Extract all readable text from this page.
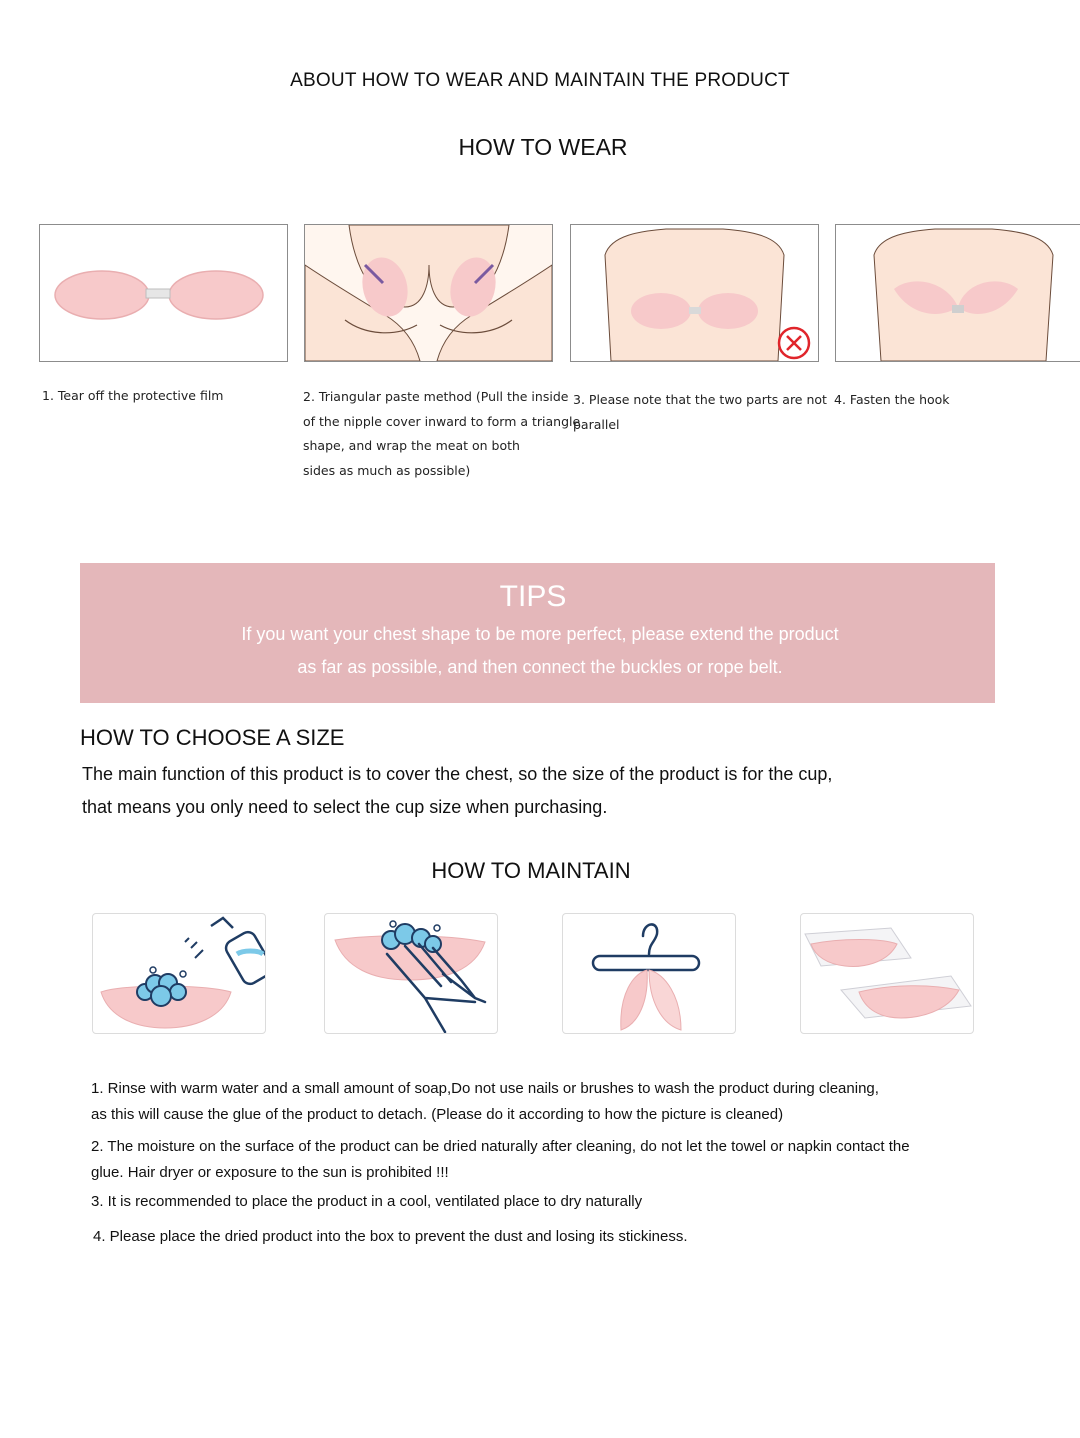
ABOUT HOW TO WEAR AND MAINTAIN THE PRODUCT
HOW TO WEAR
1. Tear off the protective film	2. Triangular paste method (Pull the inside
of the nipple cover inward to form a triangle
shape, and wrap the meat on both
sides as much as possible)
3. Please note that the two parts are not
parallel
4. Fasten the hook
TIPS
If you want your chest shape to be more perfect, please extend the product
as far as possible, and then connect the buckles or rope belt.
HOW TO CHOOSE A SIZE
The main function of this product is to cover the chest, so the size of the product is for the cup,
that means you only need to select the cup size when purchasing.
HOW TO MAINTAIN
1. Rinse with warm water and a small amount of soap,Do not use nails or brushes to wash the product during cleaning,
as this will cause the glue of the product to detach. (Please do it according to how the picture is cleaned)
2. The moisture on the surface of the product can be dried naturally after cleaning, do not let the towel or napkin contact the
glue. Hair dryer or exposure to the sun is prohibited !!!
3. It is recommended to place the product in a cool, ventilated place to dry naturally
4. Please place the dried product into the box to prevent the dust and losing its stickiness.
